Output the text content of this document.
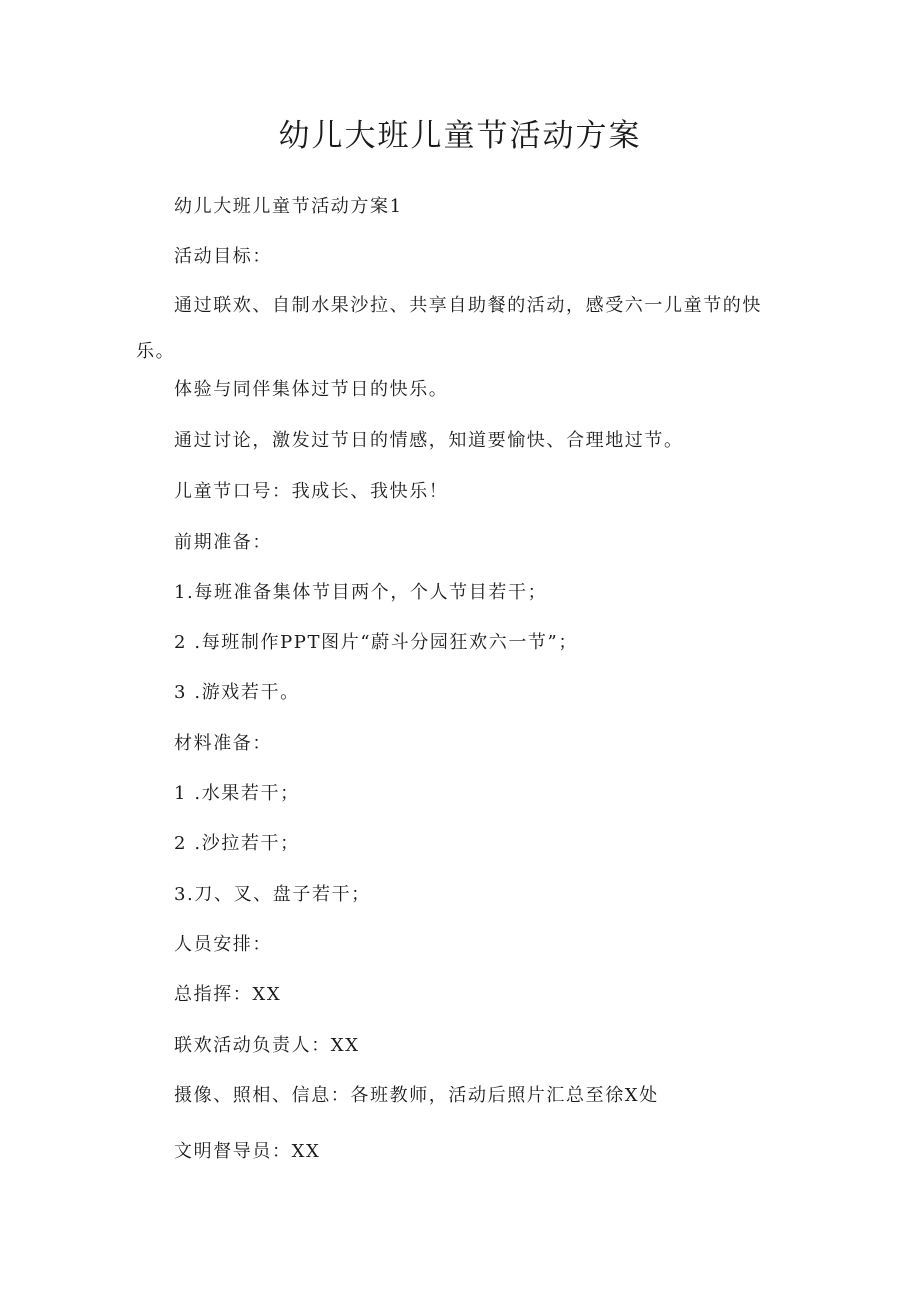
幼儿大班儿童节活动方案
幼儿大班儿童节活动方案1
活动目标：
通过联欢、自制水果沙拉、共享自助餐的活动，感受六一儿童节的快乐。
体验与同伴集体过节日的快乐。
通过讨论，激发过节日的情感，知道要愉快、合理地过节。
儿童节口号：我成长、我快乐！
前期准备：
1.每班准备集体节目两个，个人节目若干；
2 .每班制作PPT图片“蔚斗分园狂欢六一节”；
3 .游戏若干。
材料准备：
1 .水果若干；
2 .沙拉若干；
3.刀、叉、盘子若干；
人员安排：
总指挥：XX
联欢活动负责人：XX
摄像、照相、信息：各班教师，活动后照片汇总至徐X处
文明督导员：XX
